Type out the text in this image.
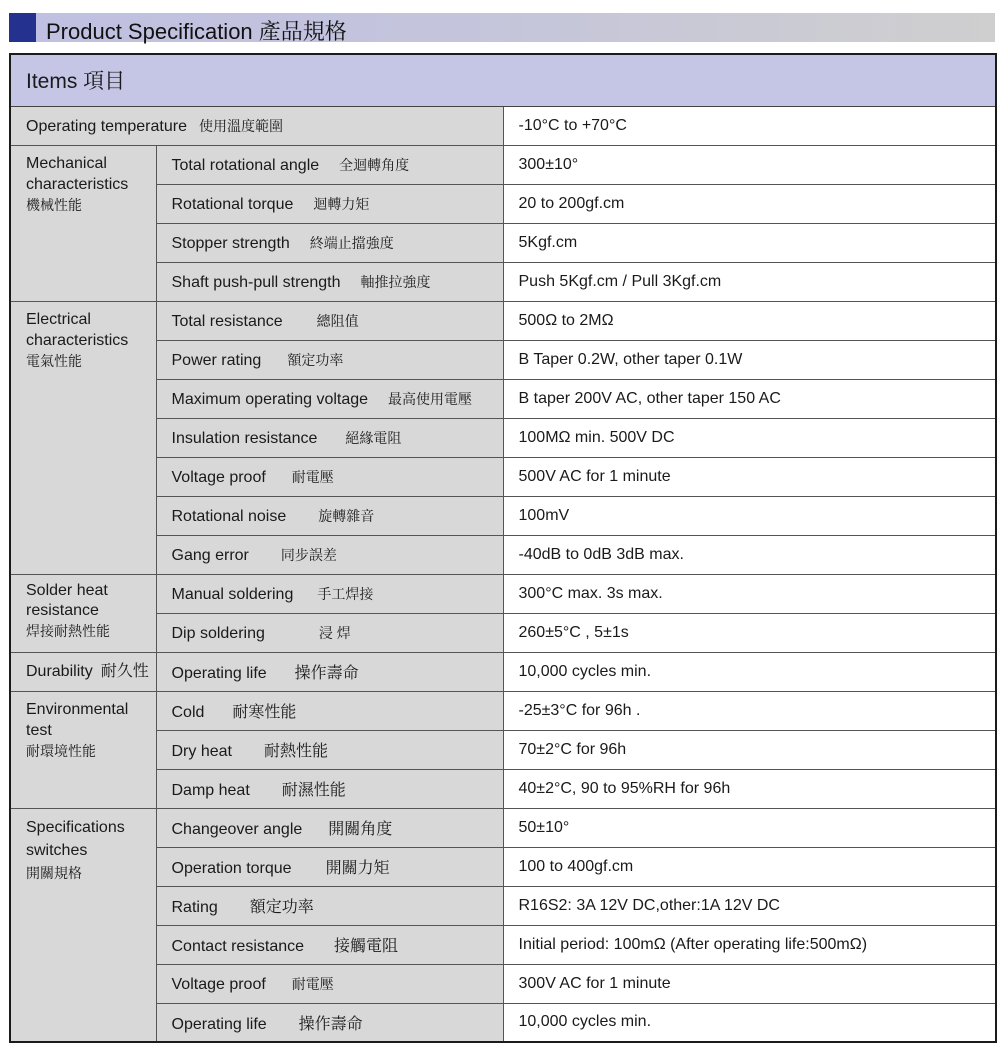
Product Specification 產品規格
Items 項目		
Operating temperature 使用溫度範圍		-10°C to +70°C

Mechanical
characteristics
機械性能	Total rotational angle 全迴轉角度	300±10°
	Rotational torque 迴轉力矩	20 to 200gf.cm
	Stopper strength 終端止擋強度	5Kgf.cm
	Shaft push-pull strength 軸推拉強度	Push 5Kgf.cm / Pull 3Kgf.cm

Electrical
characteristics
電氣性能	Total resistance 總阻值	500Ω to 2MΩ
	Power rating 額定功率	B Taper 0.2W, other taper 0.1W
	Maximum operating voltage 最高使用電壓	B taper 200V AC, other taper 150 AC
	Insulation resistance 絕緣電阻	100MΩ min. 500V DC
	Voltage proof 耐電壓	500V AC for 1 minute
	Rotational noise 旋轉雜音	100mV
	Gang error 同步誤差	-40dB to 0dB 3dB max.

Solder heat
resistance
焊接耐熱性能	Manual soldering 手工焊接	300°C max. 3s max.
	Dip soldering 浸 焊	260±5°C , 5±1s
Durability 耐久性	Operating life 操作壽命	10,000 cycles min.

Environmental
test
耐環境性能	Cold 耐寒性能	-25±3°C for 96h .
	Dry heat 耐熱性能	70±2°C for 96h
	Damp heat 耐濕性能	40±2°C, 90 to 95%RH for 96h

Specifications
switches
開關規格	Changeover angle 開關角度	50±10°
	Operation torque 開關力矩	100 to 400gf.cm
	Rating 額定功率	R16S2: 3A 12V DC,other:1A 12V DC
	Contact resistance 接觸電阻	Initial period: 100mΩ (After operating life:500mΩ)
	Voltage proof 耐電壓	300V AC for 1 minute
	Operating life 操作壽命	10,000 cycles min.
